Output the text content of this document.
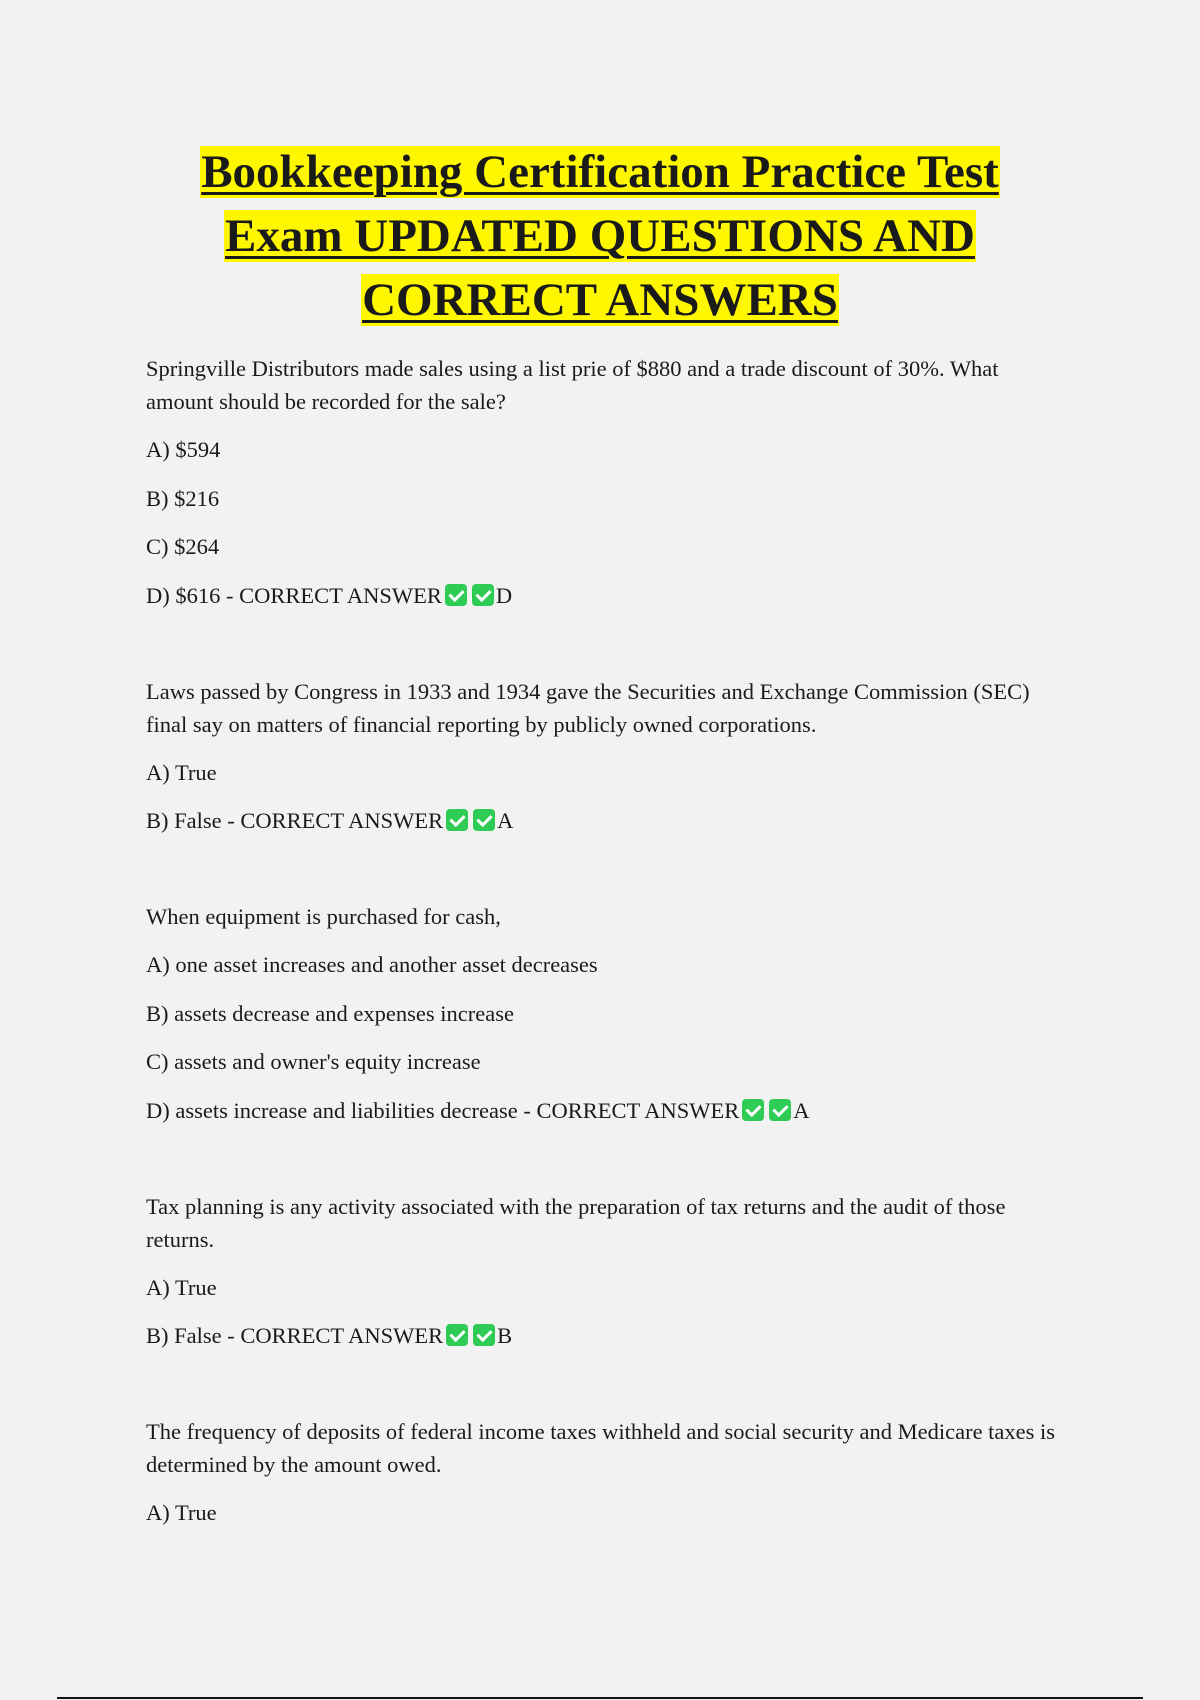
Bookkeeping Certification Practice Test
Exam UPDATED QUESTIONS AND
CORRECT ANSWERS

Springville Distributors made sales using a list prie of $880 and a trade discount of 30%. What amount should be recorded for the sale?

A) $594

B) $216

C) $264

D) $616 - CORRECT ANSWER D

Laws passed by Congress in 1933 and 1934 gave the Securities and Exchange Commission (SEC) final say on matters of financial reporting by publicly owned corporations.

A) True

B) False - CORRECT ANSWER A

When equipment is purchased for cash,

A) one asset increases and another asset decreases

B) assets decrease and expenses increase

C) assets and owner's equity increase

D) assets increase and liabilities decrease - CORRECT ANSWER A

Tax planning is any activity associated with the preparation of tax returns and the audit of those returns.

A) True

B) False - CORRECT ANSWER B

The frequency of deposits of federal income taxes withheld and social security and Medicare taxes is determined by the amount owed.

A) True
